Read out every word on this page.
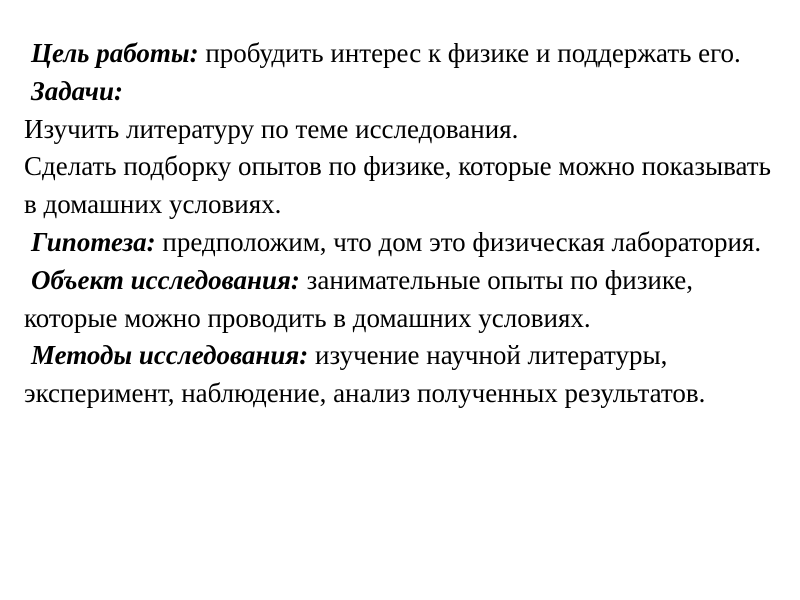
Цель работы: пробудить интерес к физике и поддержать его.

Задачи:

Изучить литературу по теме исследования.

Сделать подборку опытов по физике, которые можно показывать в домашних условиях.

Гипотеза: предположим, что дом это физическая лаборатория.

Объект исследования: занимательные опыты по физике, которые можно проводить в домашних условиях.

Методы исследования: изучение научной литературы, эксперимент, наблюдение, анализ полученных результатов.
